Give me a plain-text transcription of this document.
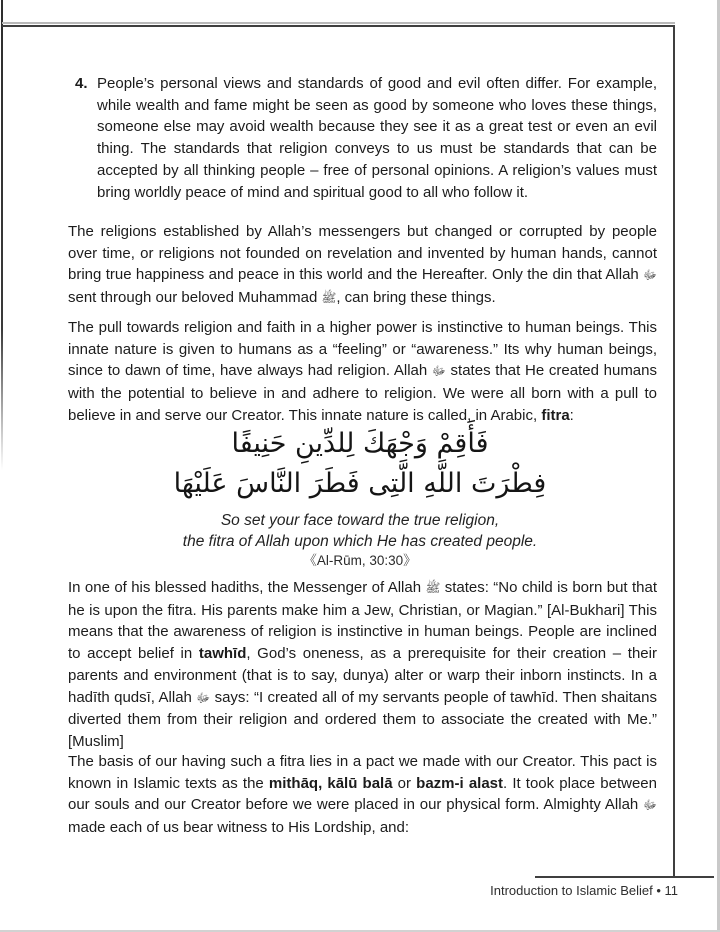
4. People’s personal views and standards of good and evil often differ. For example, while wealth and fame might be seen as good by someone who loves these things, someone else may avoid wealth because they see it as a great test or even an evil thing. The standards that religion conveys to us must be standards that can be accepted by all thinking people – free of personal opinions. A religion’s values must bring worldly peace of mind and spiritual good to all who follow it.
The religions established by Allah’s messengers but changed or corrupted by people over time, or religions not founded on revelation and invented by human hands, cannot bring true happiness and peace in this world and the Hereafter. Only the din that Allah ﷻ sent through our beloved Muhammad ﷺ, can bring these things.
The pull towards religion and faith in a higher power is instinctive to human beings. This innate nature is given to humans as a “feeling” or “awareness.” Its why human beings, since to dawn of time, have always had religion. Allah ﷻ states that He created humans with the potential to believe in and adhere to religion. We were all born with a pull to believe in and serve our Creator. This innate nature is called, in Arabic, fitra:
فَأَقِمْ وَجْهَكَ لِلدِّينِ حَنِيفًا
فِطْرَتَ اللَّهِ الَّتِى فَطَرَ النَّاسَ عَلَيْهَا
So set your face toward the true religion,
the fitra of Allah upon which He has created people.
《Al-Rūm, 30:30》
In one of his blessed hadiths, the Messenger of Allah ﷺ states: “No child is born but that he is upon the fitra. His parents make him a Jew, Christian, or Magian.” [Al-Bukhari] This means that the awareness of religion is instinctive in human beings. People are inclined to accept belief in tawhīd, God’s oneness, as a prerequisite for their creation – their parents and environment (that is to say, dunya) alter or warp their inborn instincts. In a hadīth qudsī, Allah ﷻ says: “I created all of my servants people of tawhīd. Then shaitans diverted them from their religion and ordered them to associate the created with Me.” [Muslim]
The basis of our having such a fitra lies in a pact we made with our Creator. This pact is known in Islamic texts as the mithāq, kālū balā or bazm-i alast. It took place between our souls and our Creator before we were placed in our physical form. Almighty Allah ﷻ made each of us bear witness to His Lordship, and:
Introduction to Islamic Belief • 11
